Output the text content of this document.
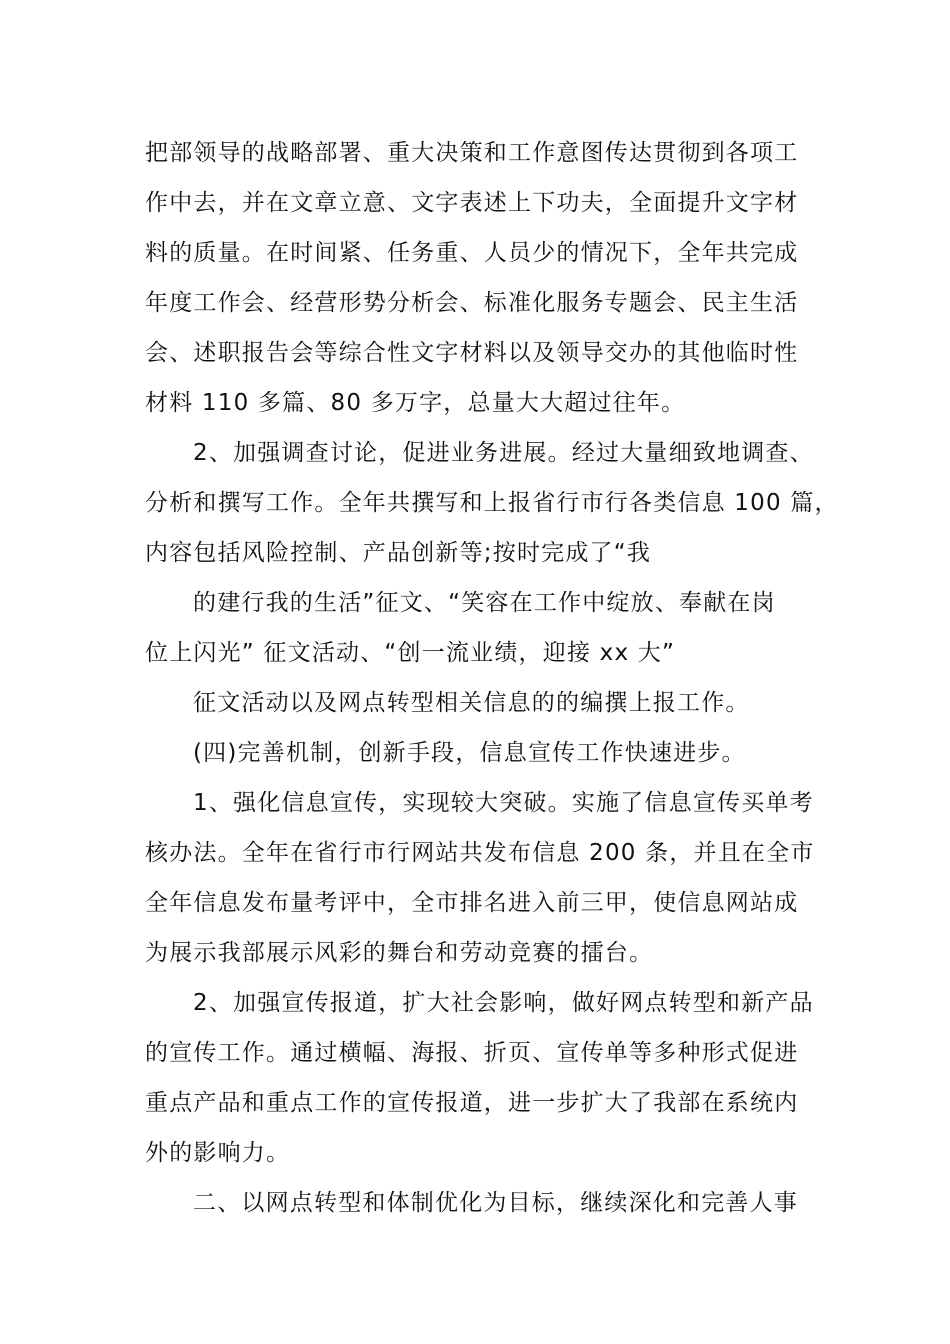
把部领导的战略部署、重大决策和工作意图传达贯彻到各项工
作中去，并在文章立意、文字表述上下功夫，全面提升文字材
料的质量。在时间紧、任务重、人员少的情况下，全年共完成
年度工作会、经营形势分析会、标准化服务专题会、民主生活
会、述职报告会等综合性文字材料以及领导交办的其他临时性
材料 110 多篇、80 多万字，总量大大超过往年。
2、加强调查讨论，促进业务进展。经过大量细致地调查、
分析和撰写工作。全年共撰写和上报省行市行各类信息 100 篇，
内容包括风险控制、产品创新等;按时完成了“我
的建行我的生活”征文、“笑容在工作中绽放、奉献在岗
位上闪光” 征文活动、“创一流业绩，迎接 xx 大”
征文活动以及网点转型相关信息的的编撰上报工作。
(四)完善机制，创新手段，信息宣传工作快速进步。
1、强化信息宣传，实现较大突破。实施了信息宣传买单考
核办法。全年在省行市行网站共发布信息 200 条，并且在全市
全年信息发布量考评中，全市排名进入前三甲，使信息网站成
为展示我部展示风彩的舞台和劳动竞赛的擂台。
2、加强宣传报道，扩大社会影响，做好网点转型和新产品
的宣传工作。通过横幅、海报、折页、宣传单等多种形式促进
重点产品和重点工作的宣传报道，进一步扩大了我部在系统内
外的影响力。
二、以网点转型和体制优化为目标，继续深化和完善人事
